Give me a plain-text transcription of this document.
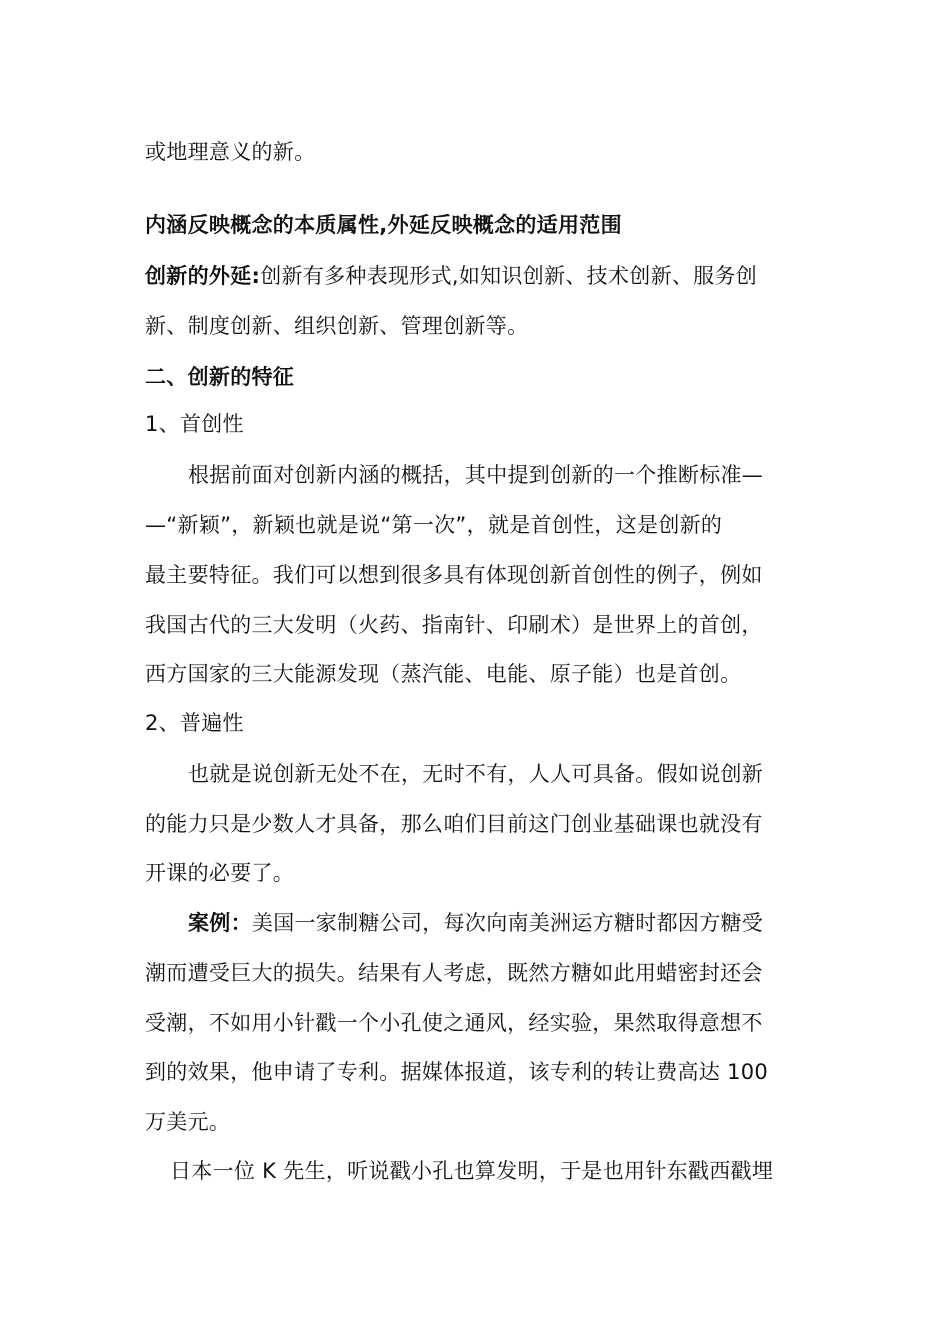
或地理意义的新。
内涵反映概念的本质属性,外延反映概念的适用范围
创新的外延:创新有多种表现形式,如知识创新、技术创新、服务创
新、制度创新、组织创新、管理创新等。
二、创新的特征
1、首创性
根据前面对创新内涵的概括，其中提到创新的一个推断标准—
—“新颖”，新颖也就是说“第一次”，就是首创性，这是创新的
最主要特征。我们可以想到很多具有体现创新首创性的例子，例如
我国古代的三大发明（火药、指南针、印刷术）是世界上的首创，
西方国家的三大能源发现（蒸汽能、电能、原子能）也是首创。
2、普遍性
也就是说创新无处不在，无时不有，人人可具备。假如说创新
的能力只是少数人才具备，那么咱们目前这门创业基础课也就没有
开课的必要了。
案例：美国一家制糖公司，每次向南美洲运方糖时都因方糖受
潮而遭受巨大的损失。结果有人考虑，既然方糖如此用蜡密封还会
受潮，不如用小针戳一个小孔使之通风，经实验，果然取得意想不
到的效果，他申请了专利。据媒体报道，该专利的转让费高达 100
万美元。
日本一位 K 先生，听说戳小孔也算发明，于是也用针东戳西戳埋
